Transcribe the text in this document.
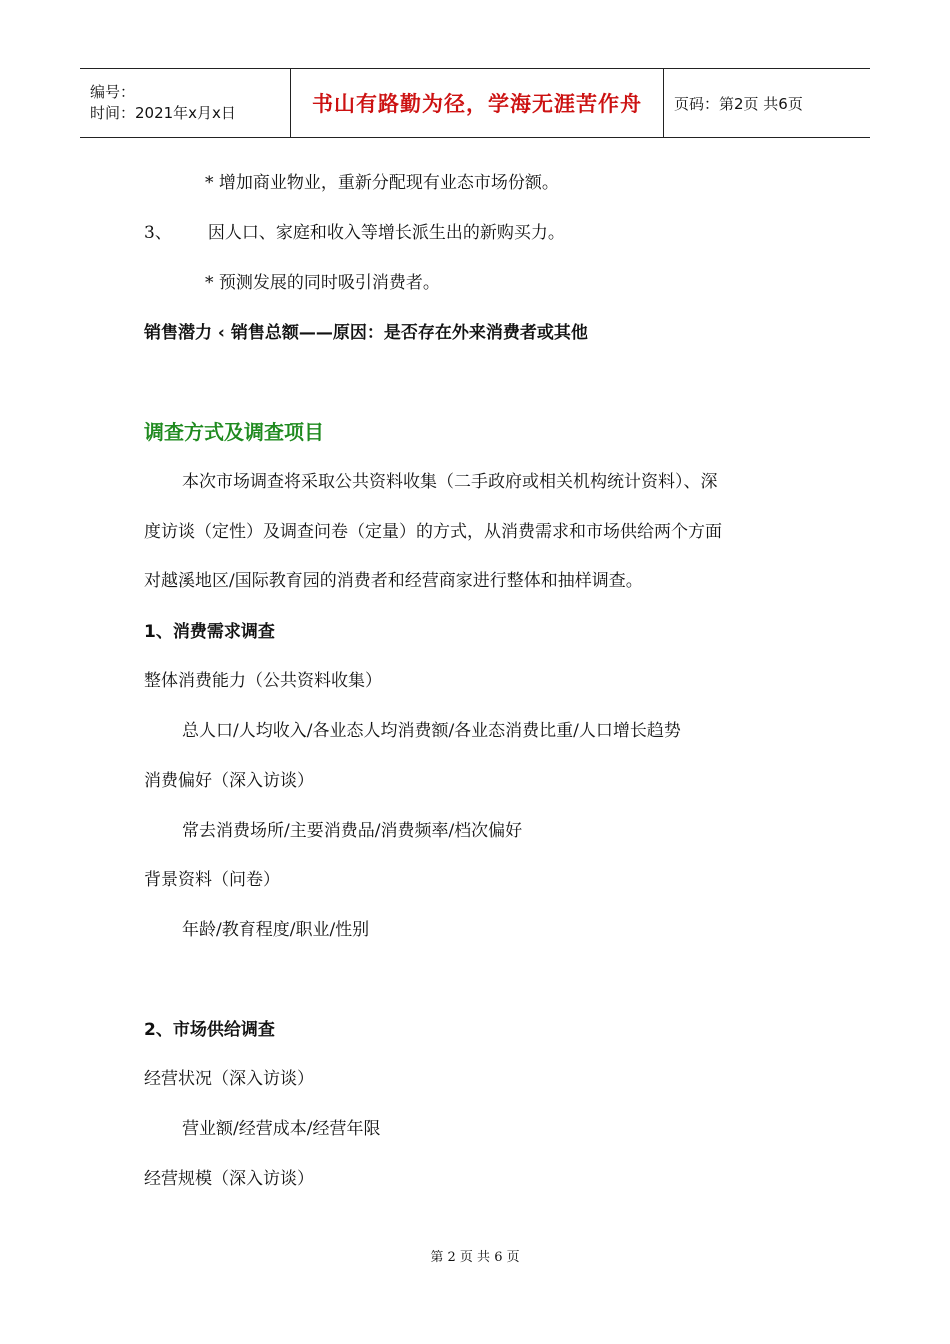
编号：
时间：2021年x月x日	书山有路勤为径，学海无涯苦作舟	页码：第2页 共6页
* 增加商业物业，重新分配现有业态市场份额。
3、 因人口、家庭和收入等增长派生出的新购买力。
* 预测发展的同时吸引消费者。
销售潜力 ‹ 销售总额——原因：是否存在外来消费者或其他
调查方式及调查项目
本次市场调查将采取公共资料收集（二手政府或相关机构统计资料）、深
度访谈（定性）及调查问卷（定量）的方式，从消费需求和市场供给两个方面
对越溪地区/国际教育园的消费者和经营商家进行整体和抽样调查。
1、消费需求调查
整体消费能力（公共资料收集）
总人口/人均收入/各业态人均消费额/各业态消费比重/人口增长趋势
消费偏好（深入访谈）
常去消费场所/主要消费品/消费频率/档次偏好
背景资料（问卷）
年龄/教育程度/职业/性别
2、市场供给调查
经营状况（深入访谈）
营业额/经营成本/经营年限
经营规模（深入访谈）
第 2 页 共 6 页
